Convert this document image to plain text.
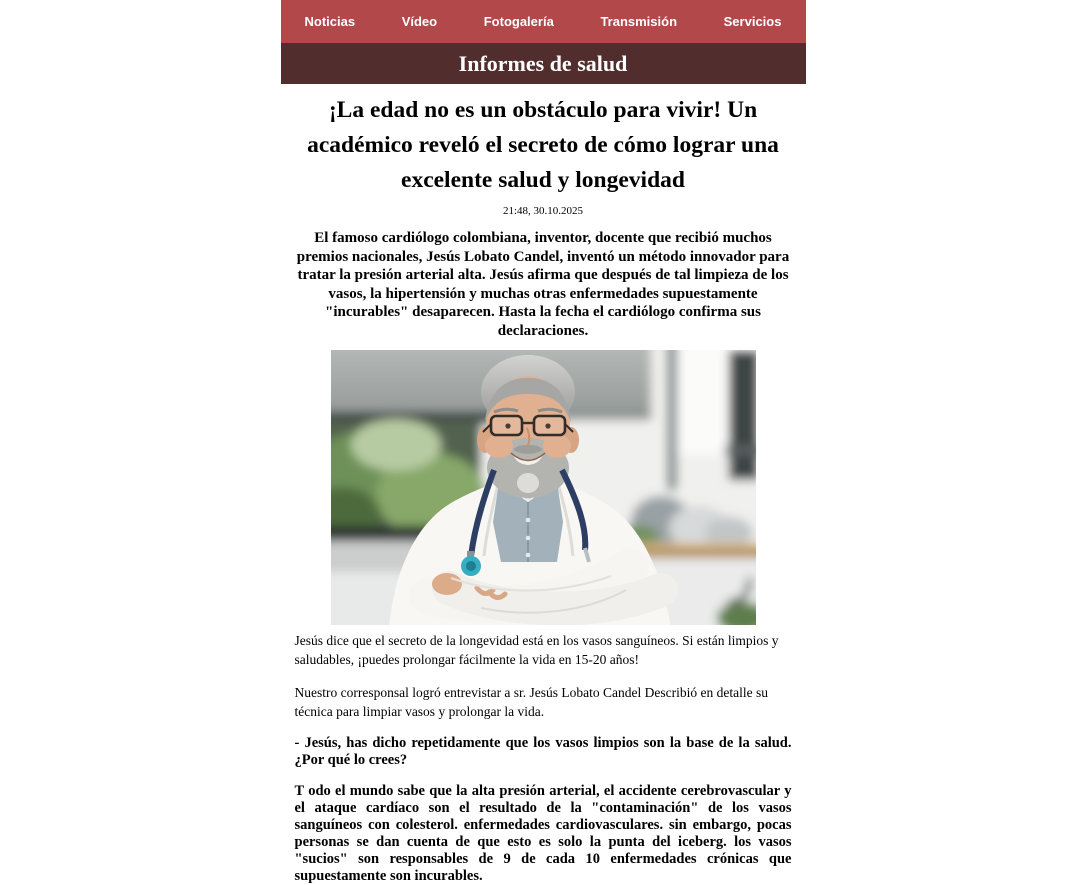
Noticias	Vídeo	Fotogalería	Transmisión	Servicios
Informes de salud
¡La edad no es un obstáculo para vivir! Un académico reveló el secreto de cómo lograr una excelente salud y longevidad
21:48, 30.10.2025

El famoso cardiólogo colombiana, inventor, docente que recibió muchos premios nacionales, Jesús Lobato Candel, inventó un método innovador para tratar la presión arterial alta. Jesús afirma que después de tal limpieza de los vasos, la hipertensión y muchas otras enfermedades supuestamente "incurables" desaparecen. Hasta la fecha el cardiólogo confirma sus declaraciones.

Jesús dice que el secreto de la longevidad está en los vasos sanguíneos. Si están limpios y saludables, ¡puedes prolongar fácilmente la vida en 15-20 años!

Nuestro corresponsal logró entrevistar a sr. Jesús Lobato Candel Describió en detalle su técnica para limpiar vasos y prolongar la vida.

- Jesús, has dicho repetidamente que los vasos limpios son la base de la salud. ¿Por qué lo crees?

T odo el mundo sabe que la alta presión arterial, el accidente cerebrovascular y el ataque cardíaco son el resultado de la "contaminación" de los vasos sanguíneos con colesterol. enfermedades cardiovasculares. sin embargo, pocas personas se dan cuenta de que esto es solo la punta del iceberg. los vasos "sucios" son responsables de 9 de cada 10 enfermedades crónicas que supuestamente son incurables.
